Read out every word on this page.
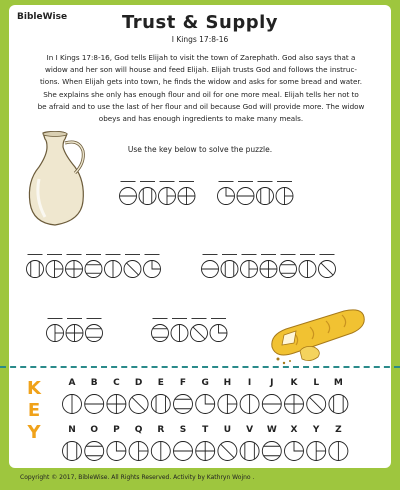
BibleWise	Trust & Supply
I Kings 17:8-16
In I Kings 17:8-16, God tells Elijah to visit the town of Zarephath. God also says that a
widow and her son will house and feed Elijah. Elijah trusts God and follows the instruc-
tions. When Elijah gets into town, he finds the widow and asks for some bread and water.
She explains she only has enough flour and oil for one more meal. Elijah tells her not to
be afraid and to use the last of her flour and oil because God will provide more. The widow
obeys and has enough ingredients to make many meals.
Use the key below to solve the puzzle.
K
E
Y
A	B	C	D	E	F	G	H	I	J	K	L	M
N	O	P	Q	R	S	T	U	V	W	X	Y	Z
Copyright © 2017, BibleWise. All Rights Reserved. Activity by Kathryn Wojno .
